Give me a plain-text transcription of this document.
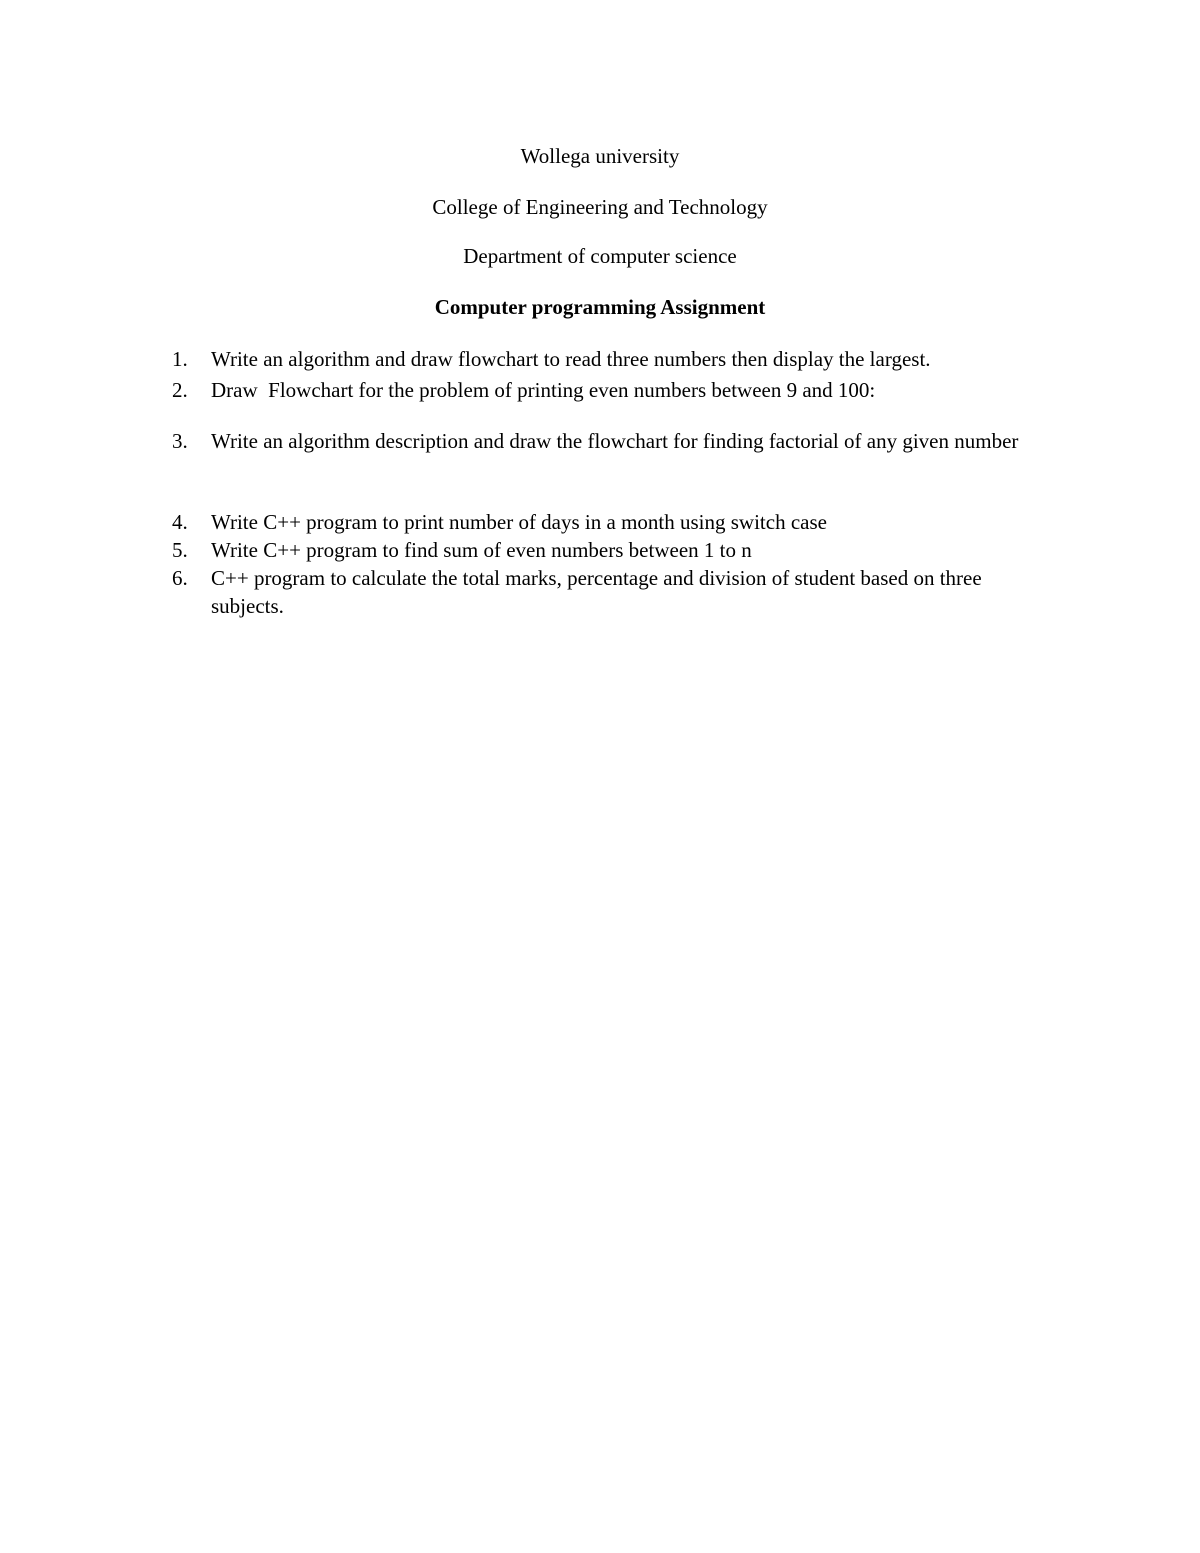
Wollega university
College of Engineering and Technology
Department of computer science
Computer programming Assignment
1.	Write an algorithm and draw flowchart to read three numbers then display the largest.
2.	Draw  Flowchart for the problem of printing even numbers between 9 and 100:
3.	Write an algorithm description and draw the flowchart for finding factorial of any given number
4.	Write C++ program to print number of days in a month using switch case
5.	Write C++ program to find sum of even numbers between 1 to n
6.	C++ program to calculate the total marks, percentage and division of student based on three subjects.
